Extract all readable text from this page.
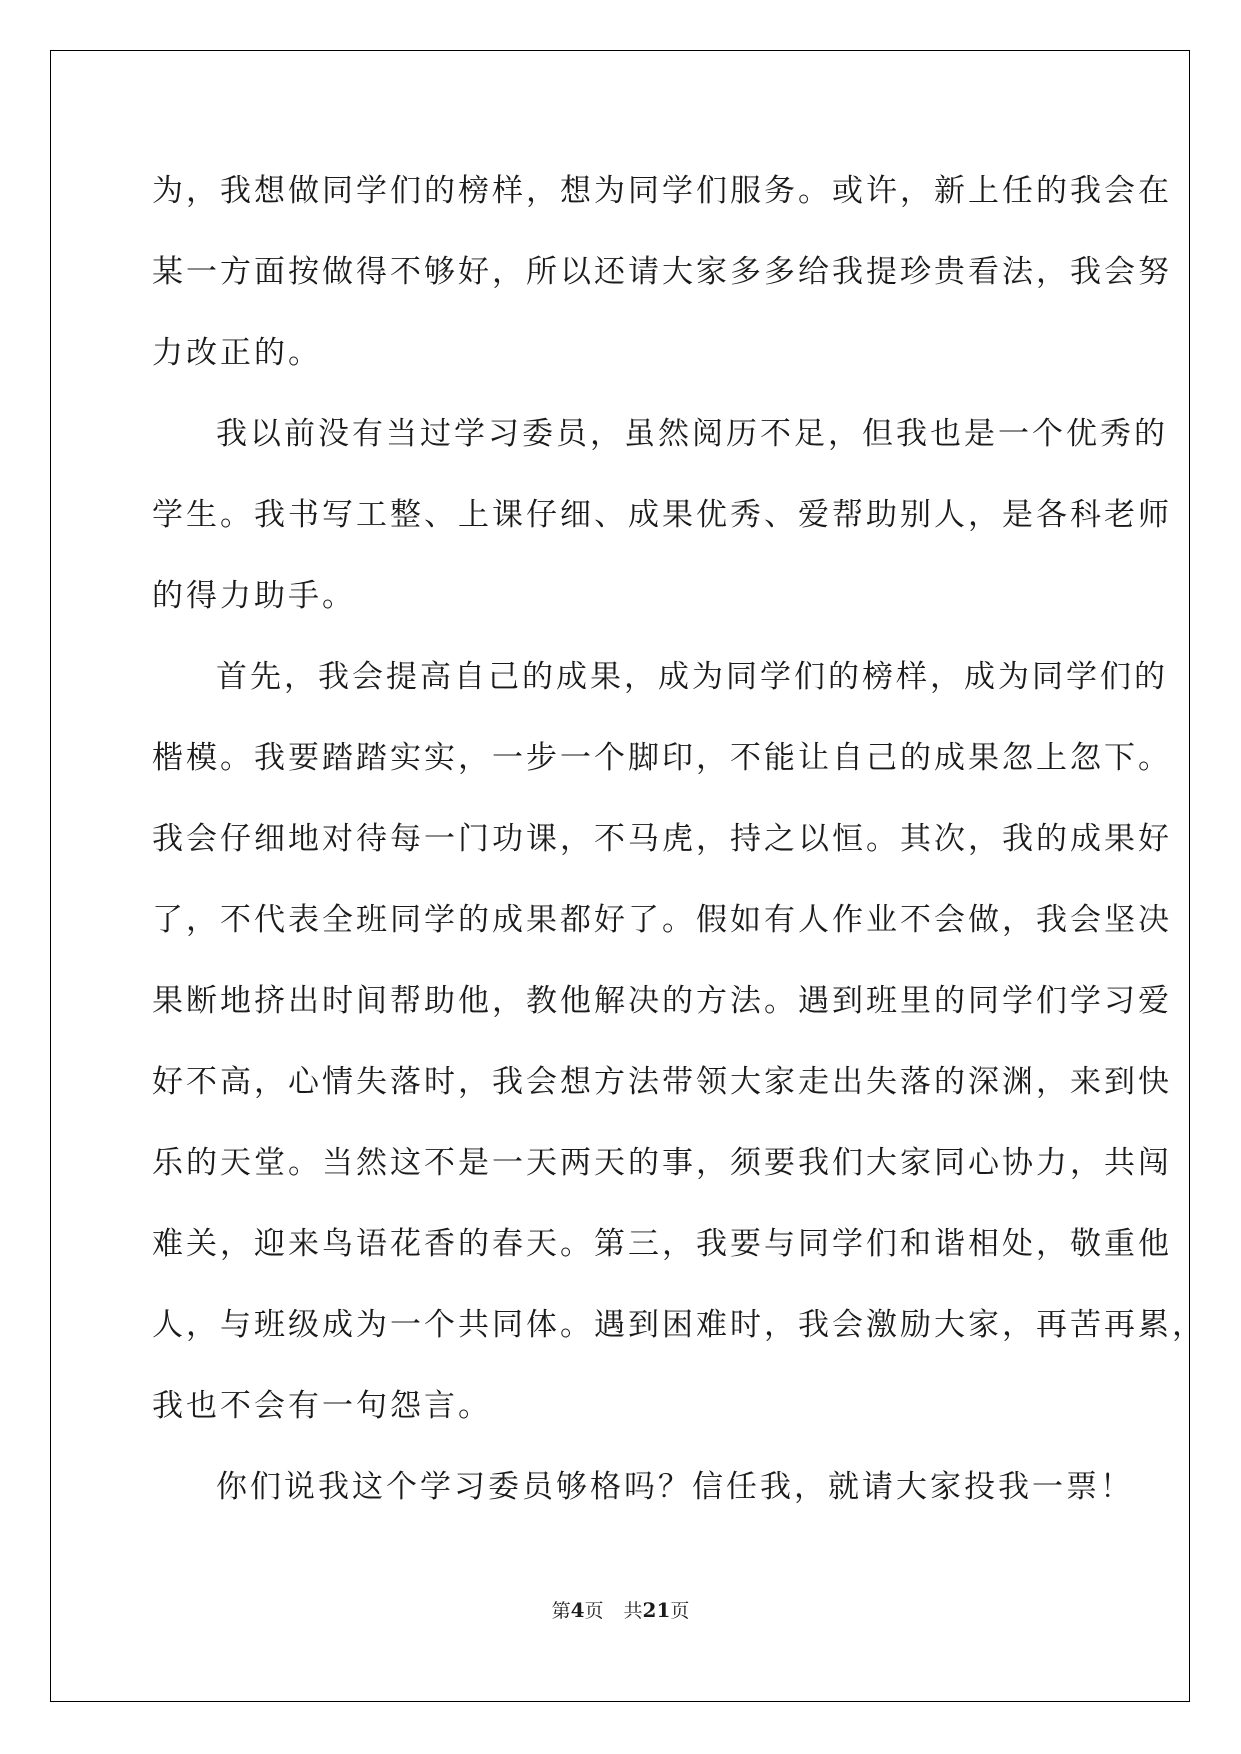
为，我想做同学们的榜样，想为同学们服务。或许，新上任的我会在
某一方面按做得不够好，所以还请大家多多给我提珍贵看法，我会努
力改正的。
我以前没有当过学习委员，虽然阅历不足，但我也是一个优秀的
学生。我书写工整、上课仔细、成果优秀、爱帮助别人，是各科老师
的得力助手。
首先，我会提高自己的成果，成为同学们的榜样，成为同学们的
楷模。我要踏踏实实，一步一个脚印，不能让自己的成果忽上忽下。
我会仔细地对待每一门功课，不马虎，持之以恒。其次，我的成果好
了，不代表全班同学的成果都好了。假如有人作业不会做，我会坚决
果断地挤出时间帮助他，教他解决的方法。遇到班里的同学们学习爱
好不高，心情失落时，我会想方法带领大家走出失落的深渊，来到快
乐的天堂。当然这不是一天两天的事，须要我们大家同心协力，共闯
难关，迎来鸟语花香的春天。第三，我要与同学们和谐相处，敬重他
人，与班级成为一个共同体。遇到困难时，我会激励大家，再苦再累，
我也不会有一句怨言。
你们说我这个学习委员够格吗？信任我，就请大家投我一票！
第4页 共21页
